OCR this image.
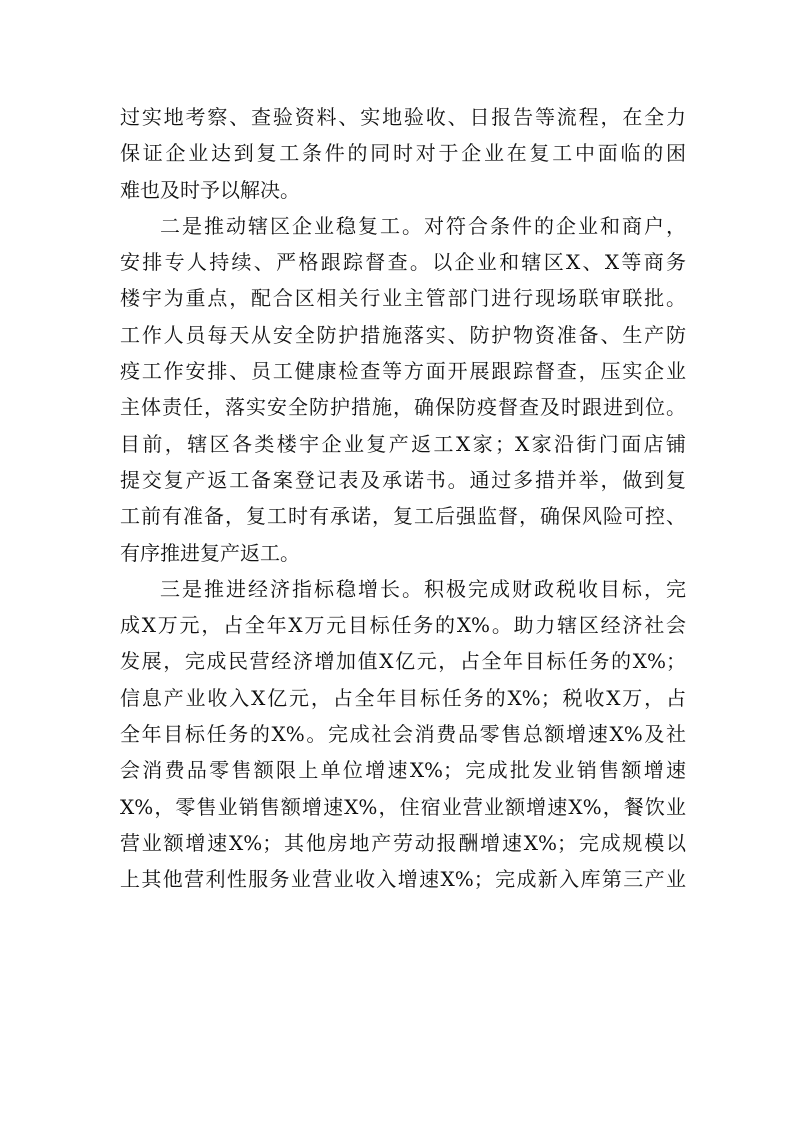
过实地考察、查验资料、实地验收、日报告等流程，在全力
保证企业达到复工条件的同时对于企业在复工中面临的困
难也及时予以解决。
二是推动辖区企业稳复工。对符合条件的企业和商户，
安排专人持续、严格跟踪督查。以企业和辖区X、X等商务
楼宇为重点，配合区相关行业主管部门进行现场联审联批。
工作人员每天从安全防护措施落实、防护物资准备、生产防
疫工作安排、员工健康检查等方面开展跟踪督查，压实企业
主体责任，落实安全防护措施，确保防疫督查及时跟进到位。
目前，辖区各类楼宇企业复产返工X家；X家沿街门面店铺
提交复产返工备案登记表及承诺书。通过多措并举，做到复
工前有准备，复工时有承诺，复工后强监督，确保风险可控、
有序推进复产返工。
三是推进经济指标稳增长。积极完成财政税收目标，完
成X万元，占全年X万元目标任务的X%。助力辖区经济社会
发展，完成民营经济增加值X亿元，占全年目标任务的X%；
信息产业收入X亿元，占全年目标任务的X%；税收X万，占
全年目标任务的X%。完成社会消费品零售总额增速X%及社
会消费品零售额限上单位增速X%；完成批发业销售额增速
X%，零售业销售额增速X%，住宿业营业额增速X%，餐饮业
营业额增速X%；其他房地产劳动报酬增速X%；完成规模以
上其他营利性服务业营业收入增速X%；完成新入库第三产业
